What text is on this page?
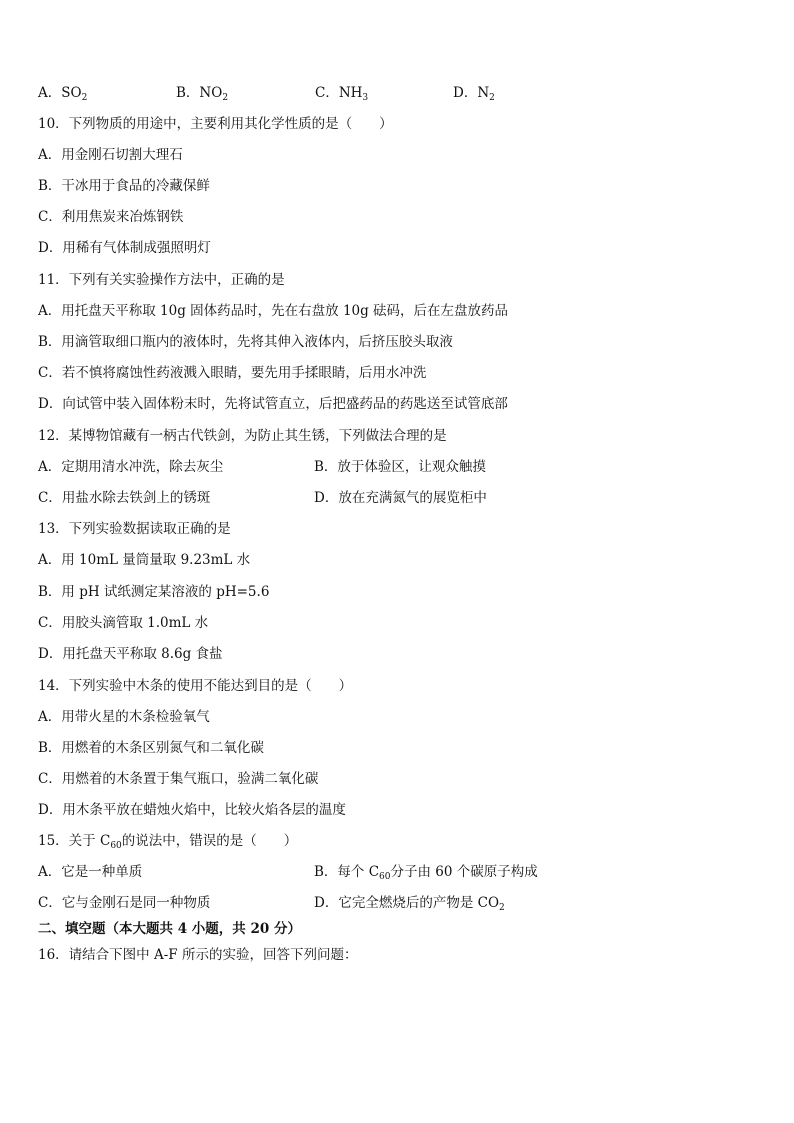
A．$SO_2$	B．$NO_2$	C．$NH_3$	D．$N_2$
10．下列物质的用途中，主要利用其化学性质的是（　　）
A．用金刚石切割大理石
B．干冰用于食品的冷藏保鲜
C．利用焦炭来冶炼钢铁
D．用稀有气体制成强照明灯
11．下列有关实验操作方法中，正确的是
A．用托盘天平称取 10g 固体药品时，先在右盘放 10g 砝码，后在左盘放药品
B．用滴管取细口瓶内的液体时，先将其伸入液体内，后挤压胶头取液
C．若不慎将腐蚀性药液溅入眼睛，要先用手揉眼睛，后用水冲洗
D．向试管中装入固体粉末时，先将试管直立，后把盛药品的药匙送至试管底部
12．某博物馆藏有一柄古代铁剑，为防止其生锈，下列做法合理的是
A．定期用清水冲洗，除去灰尘	B．放于体验区，让观众触摸
C．用盐水除去铁剑上的锈斑	D．放在充满氮气的展览柜中
13．下列实验数据读取正确的是
A．用 10mL 量筒量取 9.23mL 水
B．用 pH 试纸测定某溶液的 pH=5.6
C．用胶头滴管取 1.0mL 水
D．用托盘天平称取 8.6g 食盐
14．下列实验中木条的使用不能达到目的是（　　）
A．用带火星的木条检验氧气
B．用燃着的木条区别氮气和二氧化碳
C．用燃着的木条置于集气瓶口，验满二氧化碳
D．用木条平放在蜡烛火焰中，比较火焰各层的温度
15．关于 $C_{60}$的说法中，错误的是（　　）
A．它是一种单质	B．每个 $C_{60}$分子由 60 个碳原子构成
C．它与金刚石是同一种物质	D．它完全燃烧后的产物是 $CO_2$
二、填空题（本大题共 4 小题，共 20 分）
16．请结合下图中 A-F 所示的实验，回答下列问题：
